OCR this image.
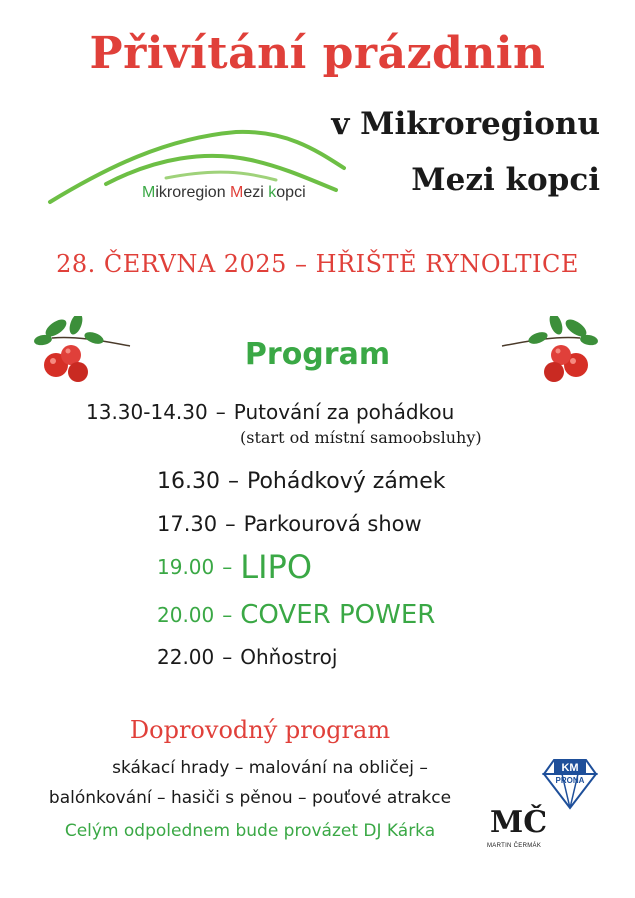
Přivítání prázdnin
Mikroregion Mezi kopci
v Mikroregionu
Mezi kopci
28. ČERVNA 2025 – HŘIŠTĚ RYNOLTICE
Program
13.30-14.30 – Putování za pohádkou
(start od místní samoobsluhy)
16.30 – Pohádkový zámek
17.30 – Parkourová show
19.00 – LIPO
20.00 – COVER POWER
22.00 – Ohňostroj
Doprovodný program
skákací hrady – malování na obličej –
balónkování – hasiči s pěnou – pouťové atrakce
Celým odpolednem bude provázet DJ Kárka
KM
PRONA
MČ
MARTIN ČERMÁK
